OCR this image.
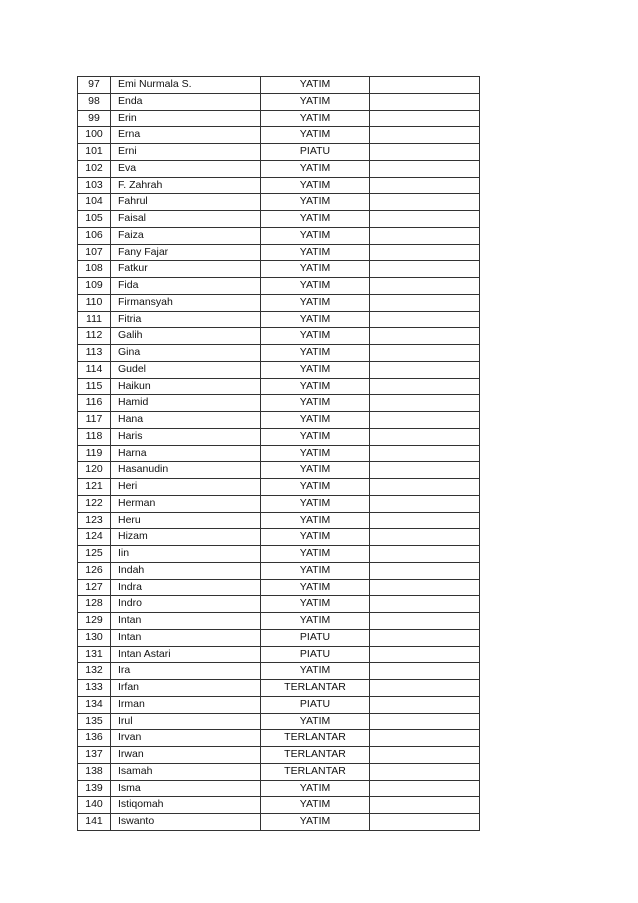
97	Emi Nurmala S.	YATIM	
98	Enda	YATIM	
99	Erin	YATIM	
100	Erna	YATIM	
101	Erni	PIATU	
102	Eva	YATIM	
103	F. Zahrah	YATIM	
104	Fahrul	YATIM	
105	Faisal	YATIM	
106	Faiza	YATIM	
107	Fany Fajar	YATIM	
108	Fatkur	YATIM	
109	Fida	YATIM	
110	Firmansyah	YATIM	
111	Fitria	YATIM	
112	Galih	YATIM	
113	Gina	YATIM	
114	Gudel	YATIM	
115	Haikun	YATIM	
116	Hamid	YATIM	
117	Hana	YATIM	
118	Haris	YATIM	
119	Harna	YATIM	
120	Hasanudin	YATIM	
121	Heri	YATIM	
122	Herman	YATIM	
123	Heru	YATIM	
124	Hizam	YATIM	
125	Iin	YATIM	
126	Indah	YATIM	
127	Indra	YATIM	
128	Indro	YATIM	
129	Intan	YATIM	
130	Intan	PIATU	
131	Intan Astari	PIATU	
132	Ira	YATIM	
133	Irfan	TERLANTAR	
134	Irman	PIATU	
135	Irul	YATIM	
136	Irvan	TERLANTAR	
137	Irwan	TERLANTAR	
138	Isamah	TERLANTAR	
139	Isma	YATIM	
140	Istiqomah	YATIM	
141	Iswanto	YATIM	
